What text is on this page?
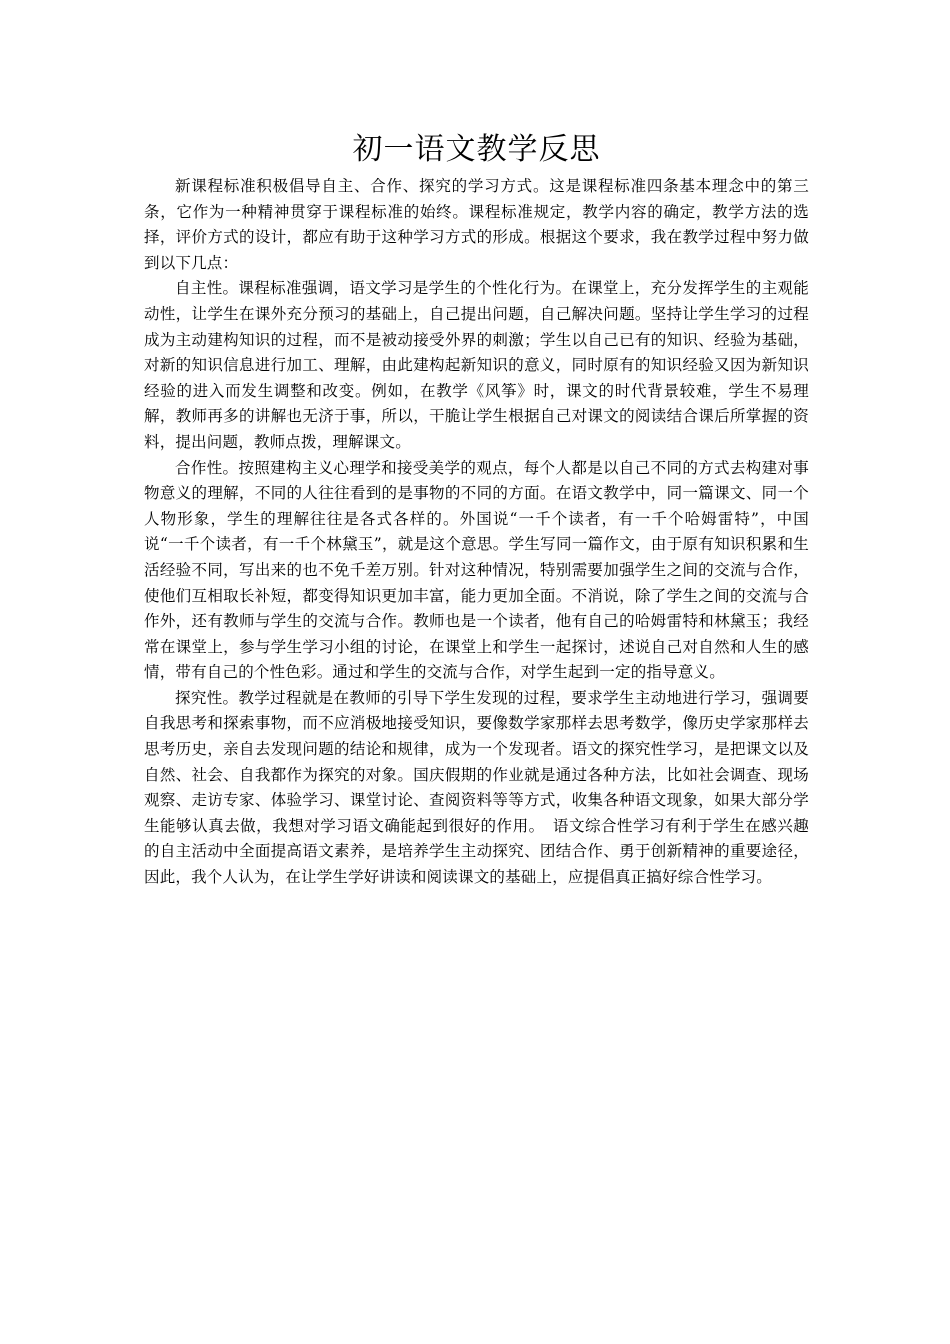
初一语文教学反思

新课程标准积极倡导自主、合作、探究的学习方式。这是课程标准四条基本理念中的第三条，它作为一种精神贯穿于课程标准的始终。课程标准规定，教学内容的确定，教学方法的选择，评价方式的设计，都应有助于这种学习方式的形成。根据这个要求，我在教学过程中努力做到以下几点：

自主性。课程标准强调，语文学习是学生的个性化行为。在课堂上，充分发挥学生的主观能动性，让学生在课外充分预习的基础上，自己提出问题，自己解决问题。坚持让学生学习的过程成为主动建构知识的过程，而不是被动接受外界的刺激；学生以自己已有的知识、经验为基础，对新的知识信息进行加工、理解，由此建构起新知识的意义，同时原有的知识经验又因为新知识经验的进入而发生调整和改变。例如，在教学《风筝》时，课文的时代背景较难，学生不易理解，教师再多的讲解也无济于事，所以，干脆让学生根据自己对课文的阅读结合课后所掌握的资料，提出问题，教师点拨，理解课文。

合作性。按照建构主义心理学和接受美学的观点，每个人都是以自己不同的方式去构建对事物意义的理解，不同的人往往看到的是事物的不同的方面。在语文教学中，同一篇课文、同一个人物形象，学生的理解往往是各式各样的。外国说“一千个读者，有一千个哈姆雷特”，中国说“一千个读者，有一千个林黛玉”，就是这个意思。学生写同一篇作文，由于原有知识积累和生活经验不同，写出来的也不免千差万别。针对这种情况，特别需要加强学生之间的交流与合作，使他们互相取长补短，都变得知识更加丰富，能力更加全面。不消说，除了学生之间的交流与合作外，还有教师与学生的交流与合作。教师也是一个读者，他有自己的哈姆雷特和林黛玉；我经常在课堂上，参与学生学习小组的讨论，在课堂上和学生一起探讨，述说自己对自然和人生的感情，带有自己的个性色彩。通过和学生的交流与合作，对学生起到一定的指导意义。

探究性。教学过程就是在教师的引导下学生发现的过程，要求学生主动地进行学习，强调要自我思考和探索事物，而不应消极地接受知识，要像数学家那样去思考数学，像历史学家那样去思考历史，亲自去发现问题的结论和规律，成为一个发现者。语文的探究性学习，是把课文以及自然、社会、自我都作为探究的对象。国庆假期的作业就是通过各种方法，比如社会调查、现场观察、走访专家、体验学习、课堂讨论、查阅资料等等方式，收集各种语文现象，如果大部分学生能够认真去做，我想对学习语文确能起到很好的作用。　语文综合性学习有利于学生在感兴趣的自主活动中全面提高语文素养，是培养学生主动探究、团结合作、勇于创新精神的重要途径，因此，我个人认为，在让学生学好讲读和阅读课文的基础上，应提倡真正搞好综合性学习。
